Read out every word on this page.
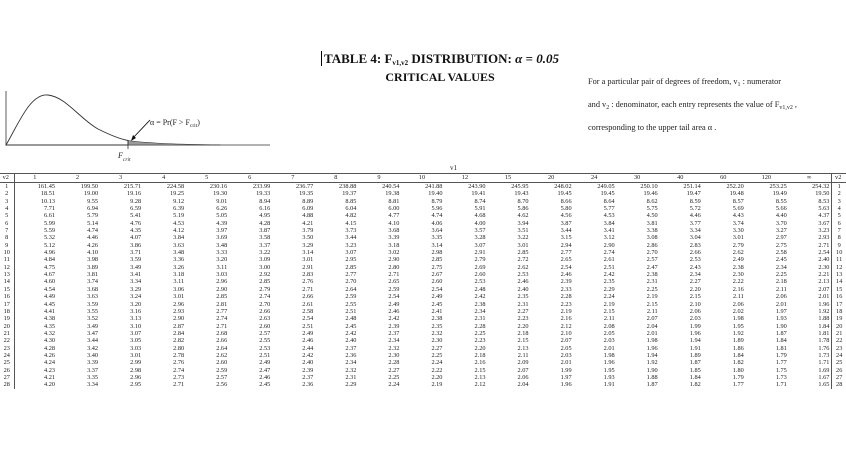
TABLE 4: $F_{v1,v2}$ DISTRIBUTION: α = 0.05
CRITICAL VALUES	For a particular pair of degrees of freedom, $v_1$ : numerator
and $v_2$ : denominator, each entry represents the value of $F_{v1,v2}$ ,
corresponding to the upper tail area α .
$\alpha = Pr(F > F_{crit})$
$F_{crit}$
v1
v2	1	2	3	4	5	6	7	8	9	10	12	15	20	24	30	40	60	120	∞	v2
1	161.45	199.50	215.71	224.58	230.16	233.99	236.77	238.88	240.54	241.88	243.90	245.95	248.02	249.05	250.10	251.14	252.20	253.25	254.32	1
2	18.51	19.00	19.16	19.25	19.30	19.33	19.35	19.37	19.38	19.40	19.41	19.43	19.45	19.45	19.46	19.47	19.48	19.49	19.50	2
3	10.13	9.55	9.28	9.12	9.01	8.94	8.89	8.85	8.81	8.79	8.74	8.70	8.66	8.64	8.62	8.59	8.57	8.55	8.53	3
4	7.71	6.94	6.59	6.39	6.26	6.16	6.09	6.04	6.00	5.96	5.91	5.86	5.80	5.77	5.75	5.72	5.69	5.66	5.63	4
5	6.61	5.79	5.41	5.19	5.05	4.95	4.88	4.82	4.77	4.74	4.68	4.62	4.56	4.53	4.50	4.46	4.43	4.40	4.37	5
6	5.99	5.14	4.76	4.53	4.39	4.28	4.21	4.15	4.10	4.06	4.00	3.94	3.87	3.84	3.81	3.77	3.74	3.70	3.67	6
7	5.59	4.74	4.35	4.12	3.97	3.87	3.79	3.73	3.68	3.64	3.57	3.51	3.44	3.41	3.38	3.34	3.30	3.27	3.23	7
8	5.32	4.46	4.07	3.84	3.69	3.58	3.50	3.44	3.39	3.35	3.28	3.22	3.15	3.12	3.08	3.04	3.01	2.97	2.93	8
9	5.12	4.26	3.86	3.63	3.48	3.37	3.29	3.23	3.18	3.14	3.07	3.01	2.94	2.90	2.86	2.83	2.79	2.75	2.71	9
10	4.96	4.10	3.71	3.48	3.33	3.22	3.14	3.07	3.02	2.98	2.91	2.85	2.77	2.74	2.70	2.66	2.62	2.58	2.54	10
11	4.84	3.98	3.59	3.36	3.20	3.09	3.01	2.95	2.90	2.85	2.79	2.72	2.65	2.61	2.57	2.53	2.49	2.45	2.40	11
12	4.75	3.89	3.49	3.26	3.11	3.00	2.91	2.85	2.80	2.75	2.69	2.62	2.54	2.51	2.47	2.43	2.38	2.34	2.30	12
13	4.67	3.81	3.41	3.18	3.03	2.92	2.83	2.77	2.71	2.67	2.60	2.53	2.46	2.42	2.38	2.34	2.30	2.25	2.21	13
14	4.60	3.74	3.34	3.11	2.96	2.85	2.76	2.70	2.65	2.60	2.53	2.46	2.39	2.35	2.31	2.27	2.22	2.18	2.13	14
15	4.54	3.68	3.29	3.06	2.90	2.79	2.71	2.64	2.59	2.54	2.48	2.40	2.33	2.29	2.25	2.20	2.16	2.11	2.07	15
16	4.49	3.63	3.24	3.01	2.85	2.74	2.66	2.59	2.54	2.49	2.42	2.35	2.28	2.24	2.19	2.15	2.11	2.06	2.01	16
17	4.45	3.59	3.20	2.96	2.81	2.70	2.61	2.55	2.49	2.45	2.38	2.31	2.23	2.19	2.15	2.10	2.06	2.01	1.96	17
18	4.41	3.55	3.16	2.93	2.77	2.66	2.58	2.51	2.46	2.41	2.34	2.27	2.19	2.15	2.11	2.06	2.02	1.97	1.92	18
19	4.38	3.52	3.13	2.90	2.74	2.63	2.54	2.48	2.42	2.38	2.31	2.23	2.16	2.11	2.07	2.03	1.98	1.93	1.88	19
20	4.35	3.49	3.10	2.87	2.71	2.60	2.51	2.45	2.39	2.35	2.28	2.20	2.12	2.08	2.04	1.99	1.95	1.90	1.84	20
21	4.32	3.47	3.07	2.84	2.68	2.57	2.49	2.42	2.37	2.32	2.25	2.18	2.10	2.05	2.01	1.96	1.92	1.87	1.81	21
22	4.30	3.44	3.05	2.82	2.66	2.55	2.46	2.40	2.34	2.30	2.23	2.15	2.07	2.03	1.98	1.94	1.89	1.84	1.78	22
23	4.28	3.42	3.03	2.80	2.64	2.53	2.44	2.37	2.32	2.27	2.20	2.13	2.05	2.01	1.96	1.91	1.86	1.81	1.76	23
24	4.26	3.40	3.01	2.78	2.62	2.51	2.42	2.36	2.30	2.25	2.18	2.11	2.03	1.98	1.94	1.89	1.84	1.79	1.73	24
25	4.24	3.39	2.99	2.76	2.60	2.49	2.40	2.34	2.28	2.24	2.16	2.09	2.01	1.96	1.92	1.87	1.82	1.77	1.71	25
26	4.23	3.37	2.98	2.74	2.59	2.47	2.39	2.32	2.27	2.22	2.15	2.07	1.99	1.95	1.90	1.85	1.80	1.75	1.69	26
27	4.21	3.35	2.96	2.73	2.57	2.46	2.37	2.31	2.25	2.20	2.13	2.06	1.97	1.93	1.88	1.84	1.79	1.73	1.67	27
28	4.20	3.34	2.95	2.71	2.56	2.45	2.36	2.29	2.24	2.19	2.12	2.04	1.96	1.91	1.87	1.82	1.77	1.71	1.65	28
